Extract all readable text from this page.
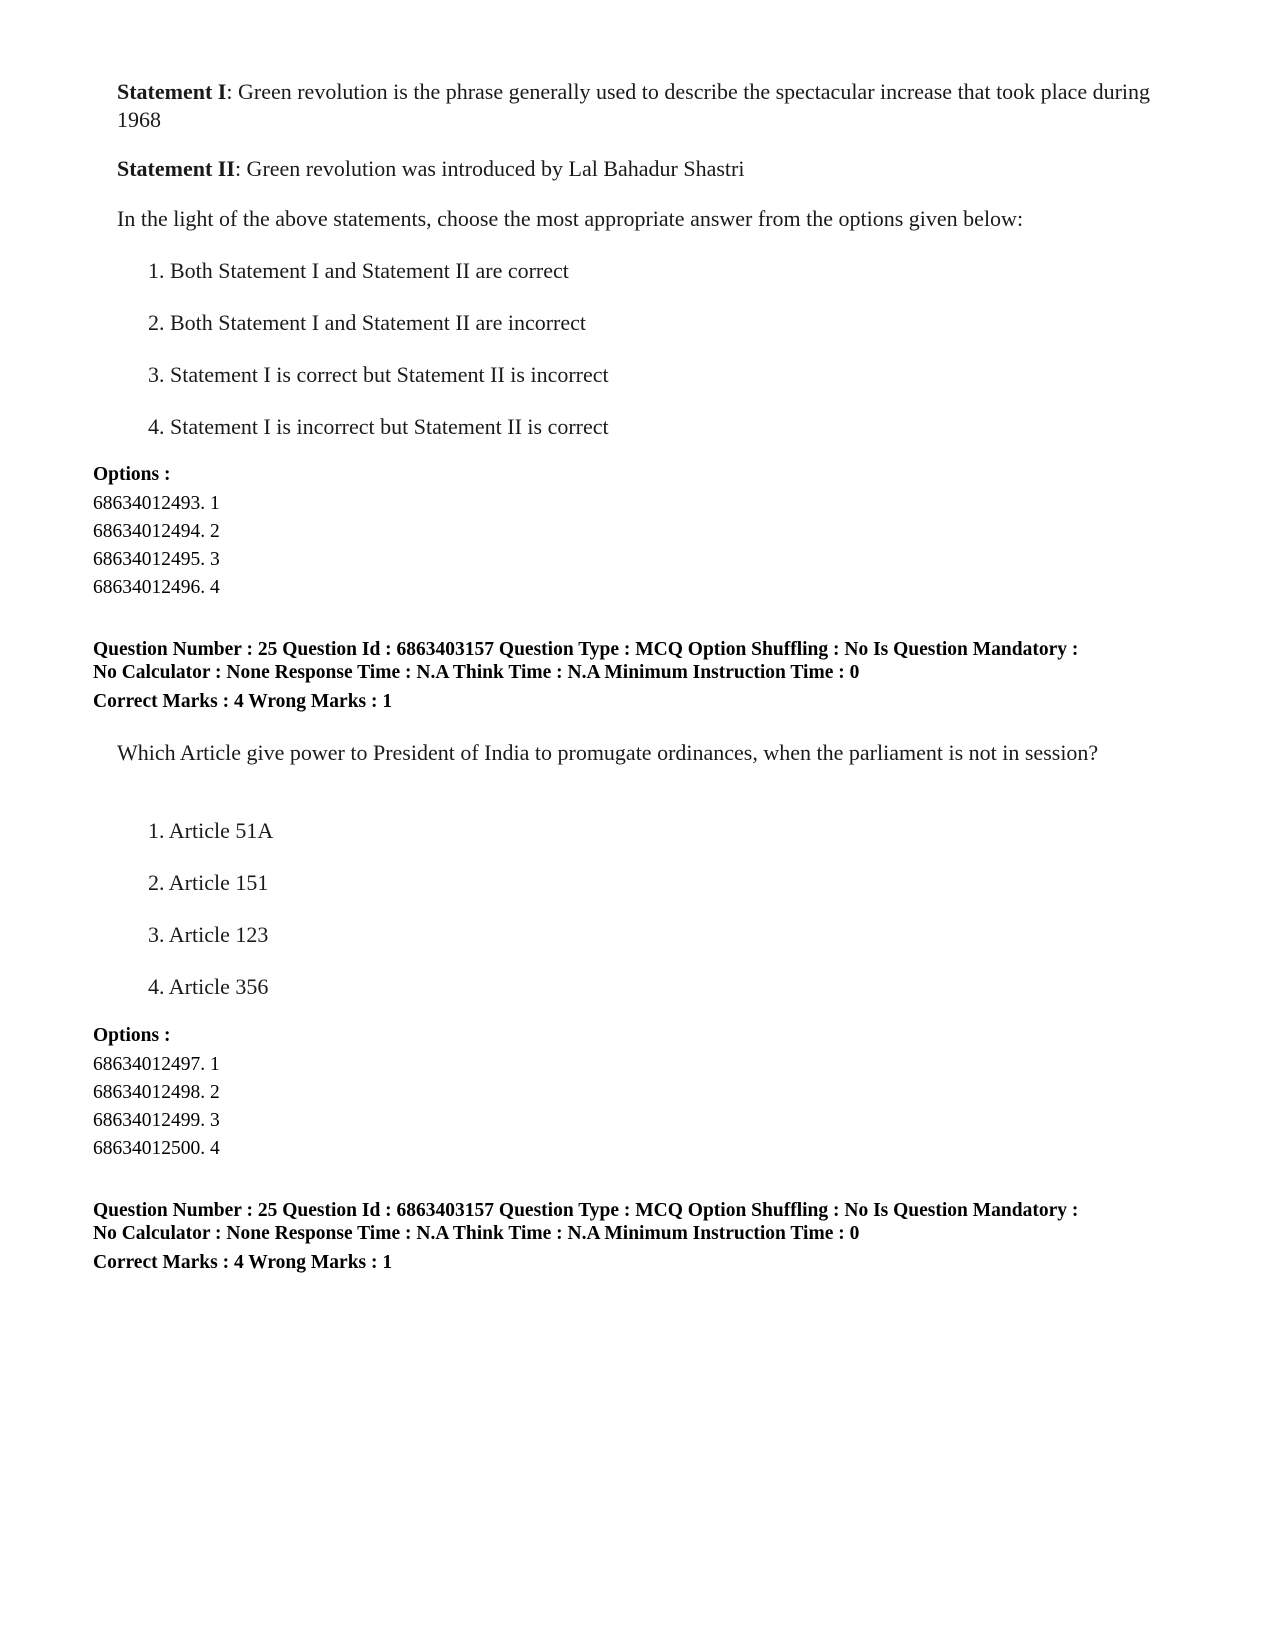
Statement I: Green revolution is the phrase generally used to describe the spectacular increase that took place during 1968

Statement II: Green revolution was introduced by Lal Bahadur Shastri

In the light of the above statements, choose the most appropriate answer from the options given below:
1. Both Statement I and Statement II are correct
2. Both Statement I and Statement II are incorrect
3. Statement I is correct but Statement II is incorrect
4. Statement I is incorrect but Statement II is correct
Options :
68634012493. 1
68634012494. 2
68634012495. 3
68634012496. 4
Question Number : 25 Question Id : 6863403157 Question Type : MCQ Option Shuffling : No Is Question Mandatory :
No Calculator : None Response Time : N.A Think Time : N.A Minimum Instruction Time : 0
Correct Marks : 4 Wrong Marks : 1
Which Article give power to President of India to promugate ordinances, when the parliament is not in session?
1. Article 51A
2. Article 151
3. Article 123
4. Article 356
Options :
68634012497. 1
68634012498. 2
68634012499. 3
68634012500. 4
Question Number : 25 Question Id : 6863403157 Question Type : MCQ Option Shuffling : No Is Question Mandatory :
No Calculator : None Response Time : N.A Think Time : N.A Minimum Instruction Time : 0
Correct Marks : 4 Wrong Marks : 1
